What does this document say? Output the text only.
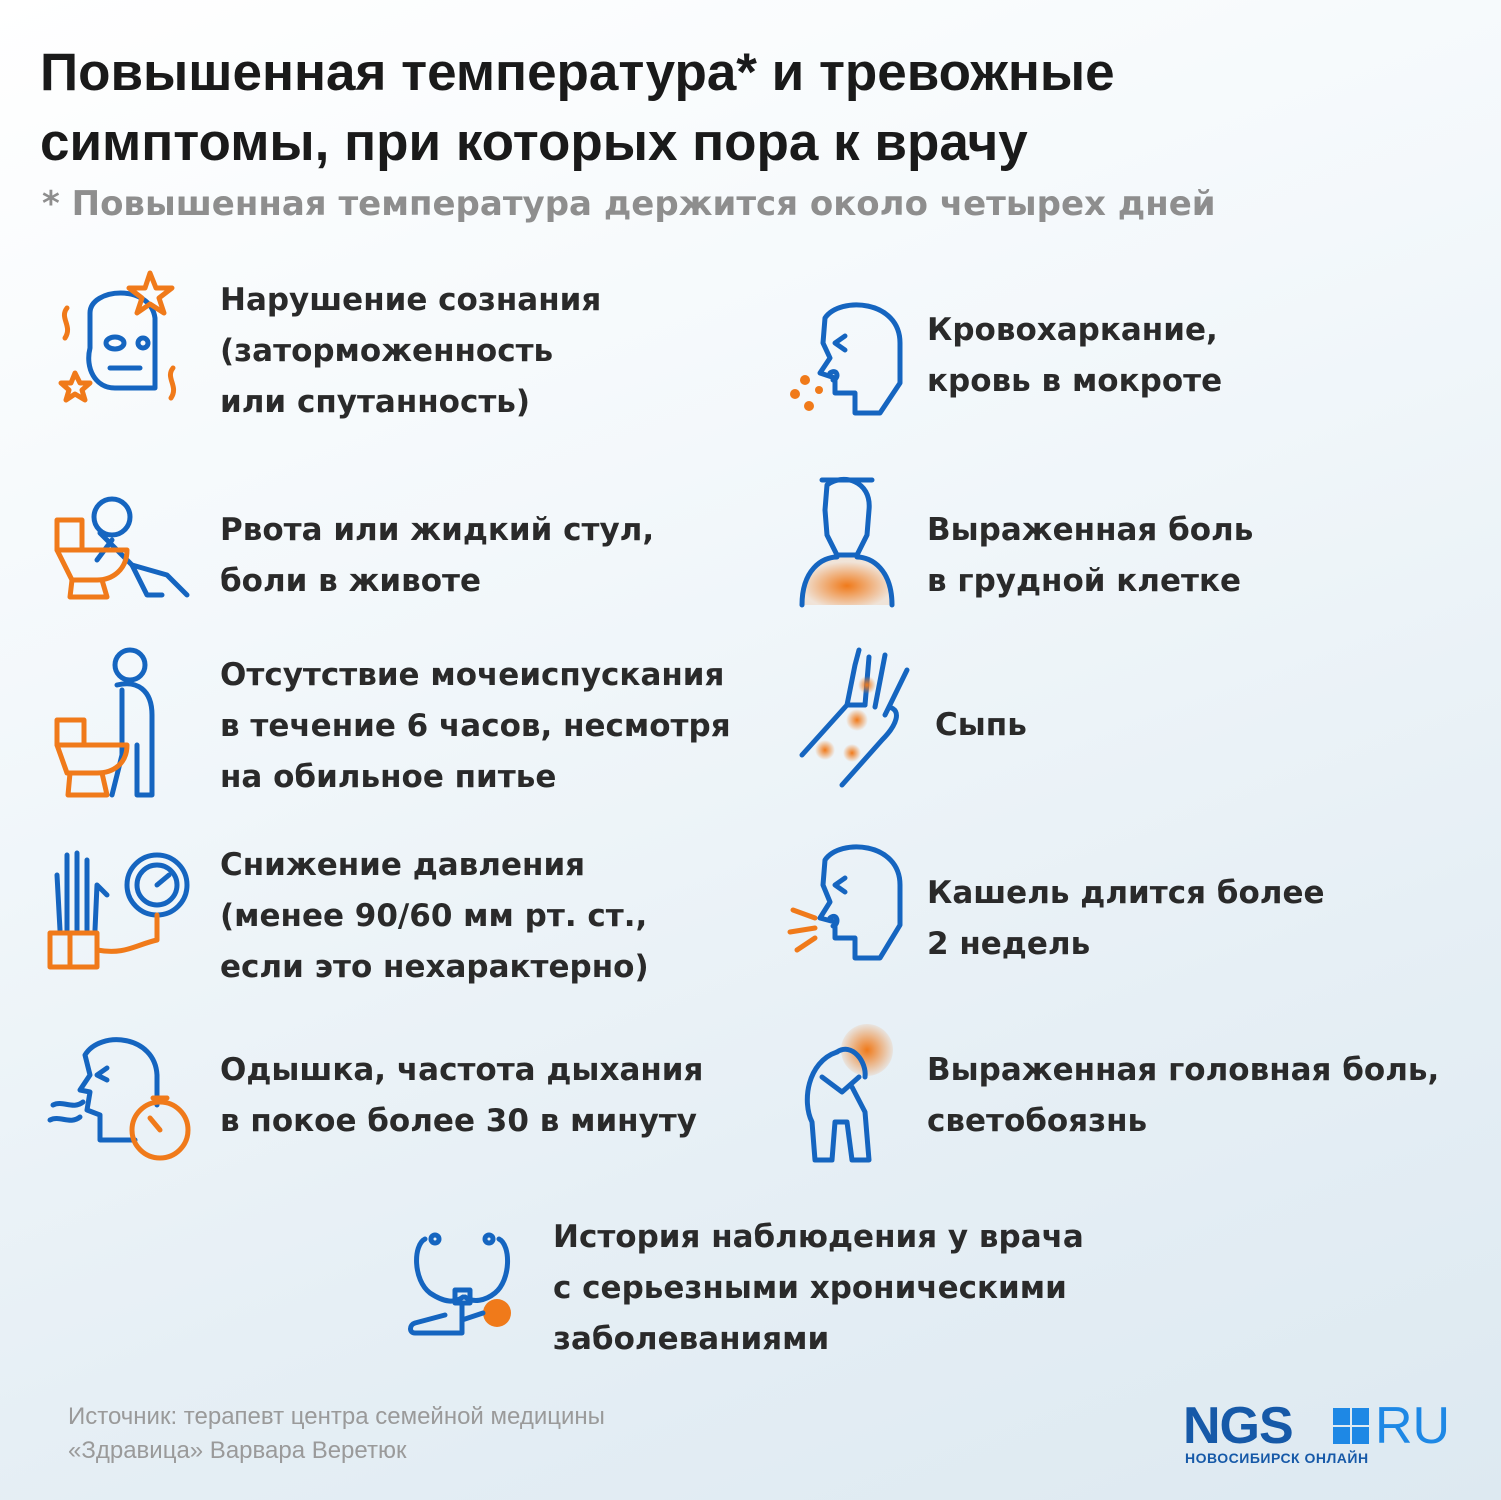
Повышенная температура* и тревожные
симптомы, при которых пора к врачу

* Повышенная температура держится около четырех дней

Нарушение сознания
(заторможенность
или спутанность)

Рвота или жидкий стул,
боли в животе

Отсутствие мочеиспускания
в течение 6 часов, несмотря
на обильное питье

Снижение давления
(менее 90/60 мм рт. ст.,
если это нехарактерно)

Одышка, частота дыхания
в покое более 30 в минуту

Кровохаркание,
кровь в мокроте

Выраженная боль
в грудной клетке

Сыпь

Кашель длится более
2 недель

Выраженная головная боль,
светобоязнь

История наблюдения у врача
с серьезными хроническими
заболеваниями

Источник: терапевт центра семейной медицины
«Здравица» Варвара Веретюк	NGS RU
НОВОСИБИРСК ОНЛАЙН
